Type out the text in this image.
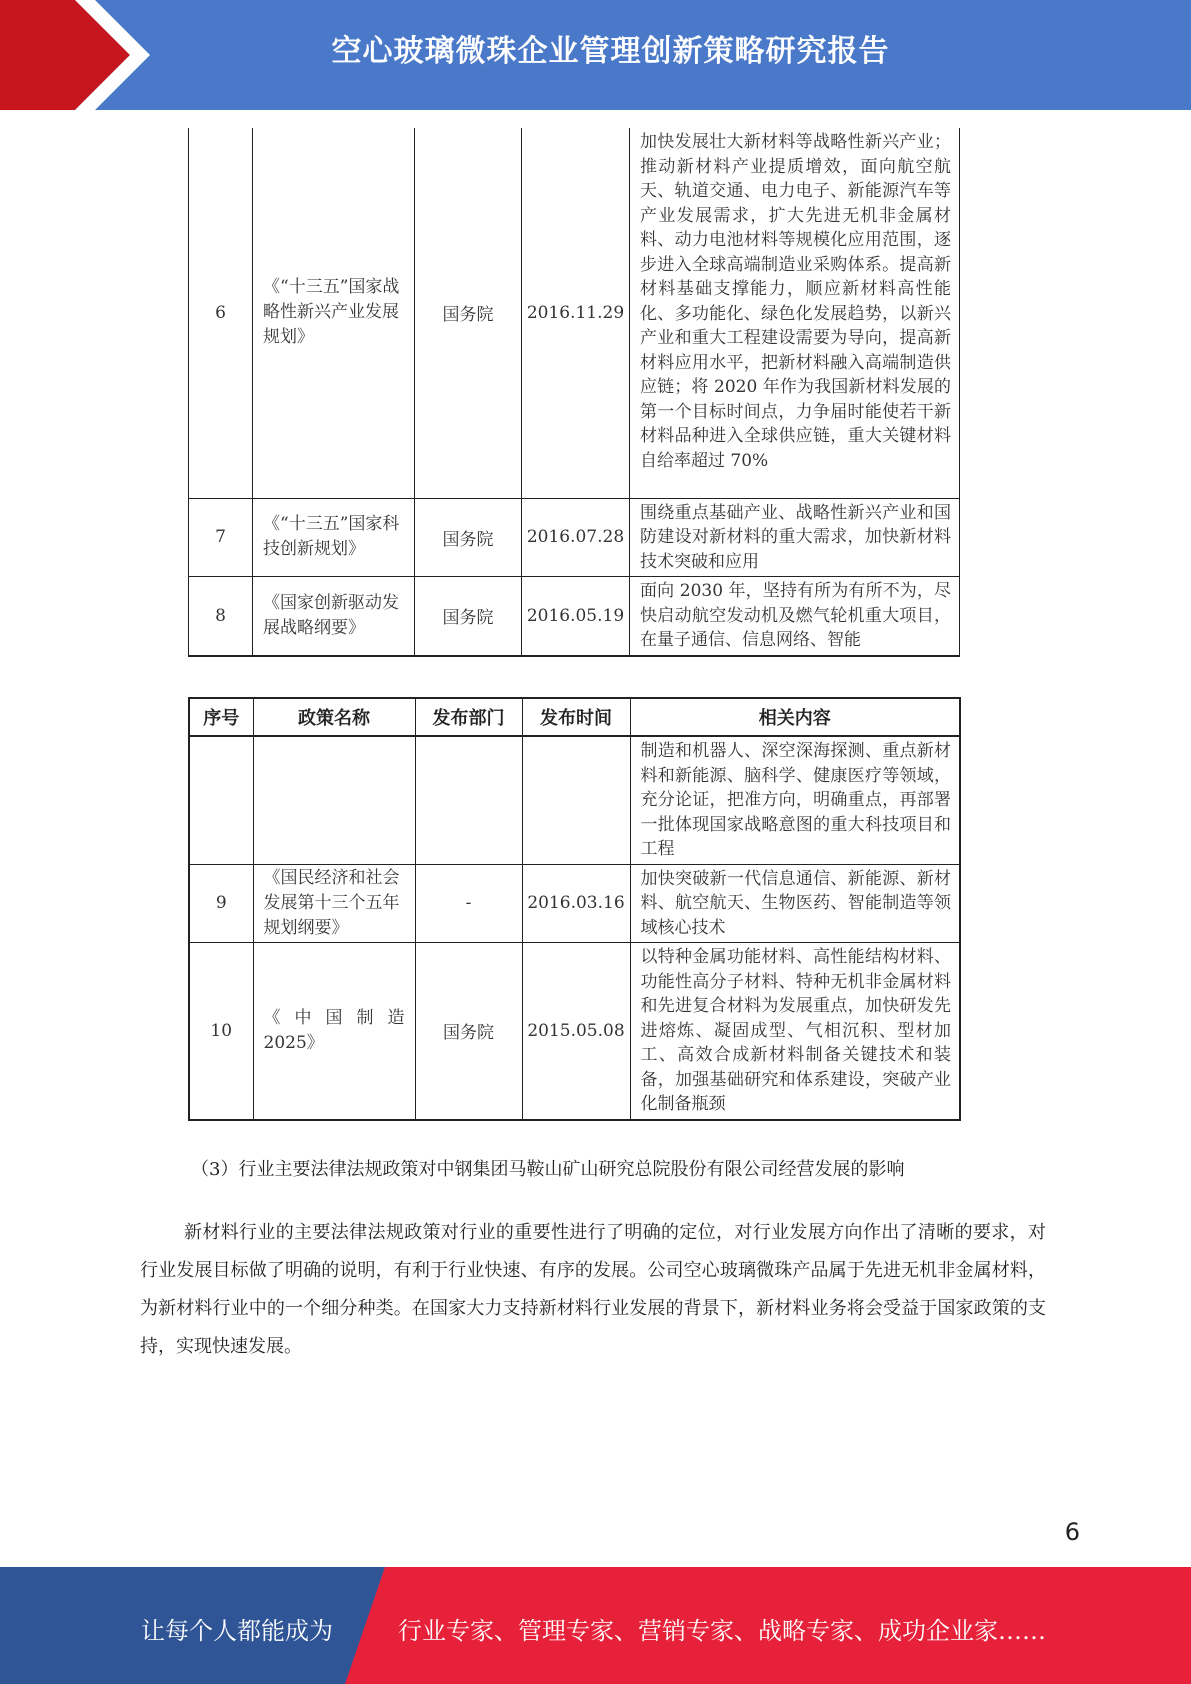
空心玻璃微珠企业管理创新策略研究报告
6	《“十三五”国家战略性新兴产业发展规划》	国务院	2016.11.29	加快发展壮大新材料等战略性新兴产业；推动新材料产业提质增效，面向航空航天、轨道交通、电力电子、新能源汽车等产业发展需求，扩大先进无机非金属材料、动力电池材料等规模化应用范围，逐步进入全球高端制造业采购体系。提高新材料基础支撑能力，顺应新材料高性能化、多功能化、绿色化发展趋势，以新兴产业和重大工程建设需要为导向，提高新材料应用水平，把新材料融入高端制造供应链；将 2020 年作为我国新材料发展的第一个目标时间点，力争届时能使若干新材料品种进入全球供应链，重大关键材料自给率超过 70%
7	《“十三五”国家科技创新规划》	国务院	2016.07.28	围绕重点基础产业、战略性新兴产业和国防建设对新材料的重大需求，加快新材料技术突破和应用
8	《国家创新驱动发展战略纲要》	国务院	2016.05.19	面向 2030 年，坚持有所为有所不为，尽快启动航空发动机及燃气轮机重大项目，在量子通信、信息网络、智能
序号	政策名称	发布部门	发布时间	相关内容
				制造和机器人、深空深海探测、重点新材料和新能源、脑科学、健康医疗等领域，充分论证，把准方向，明确重点，再部署一批体现国家战略意图的重大科技项目和工程
9	《国民经济和社会发展第十三个五年规划纲要》	-	2016.03.16	加快突破新一代信息通信、新能源、新材料、航空航天、生物医药、智能制造等领域核心技术
10	《中国制造 2025》	国务院	2015.05.08	以特种金属功能材料、高性能结构材料、功能性高分子材料、特种无机非金属材料和先进复合材料为发展重点，加快研发先进熔炼、凝固成型、气相沉积、型材加工、高效合成新材料制备关键技术和装备，加强基础研究和体系建设，突破产业化制备瓶颈
（3）行业主要法律法规政策对中钢集团马鞍山矿山研究总院股份有限公司经营发展的影响

新材料行业的主要法律法规政策对行业的重要性进行了明确的定位，对行业发展方向作出了清晰的要求，对行业发展目标做了明确的说明，有利于行业快速、有序的发展。公司空心玻璃微珠产品属于先进无机非金属材料，为新材料行业中的一个细分种类。在国家大力支持新材料行业发展的背景下，新材料业务将会受益于国家政策的支持，实现快速发展。

6
让每个人都能成为	行业专家、管理专家、营销专家、战略专家、成功企业家……
